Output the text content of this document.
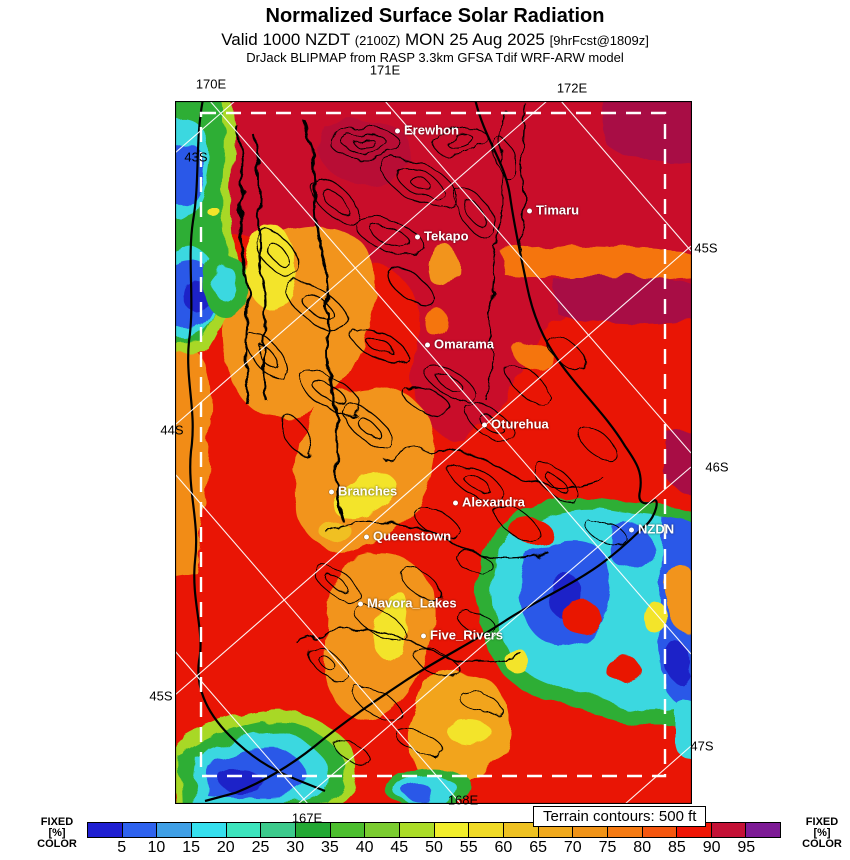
Normalized Surface Solar Radiation
Valid 1000 NZDT (2100Z) MON 25 Aug 2025 [9hrFcst@1809z]
DrJack BLIPMAP from RASP 3.3km GFSA Tdif WRF-ARW model
Erewhon
Timaru
Tekapo
Omarama
Oturehua
Branches
Alexandra
Queenstown	NZDN
Mavora_Lakes
Five_Rivers
Terrain contours: 500 ft
5 10 15 20 25 30 35 40 45 50 55 60 65 70 75 80 85 90 95
FIXED
[%]
COLOR
FIXED
[%]
COLOR
170E
171E
172E
43S
44S
45S
45S
46S
47S
167E
168E
